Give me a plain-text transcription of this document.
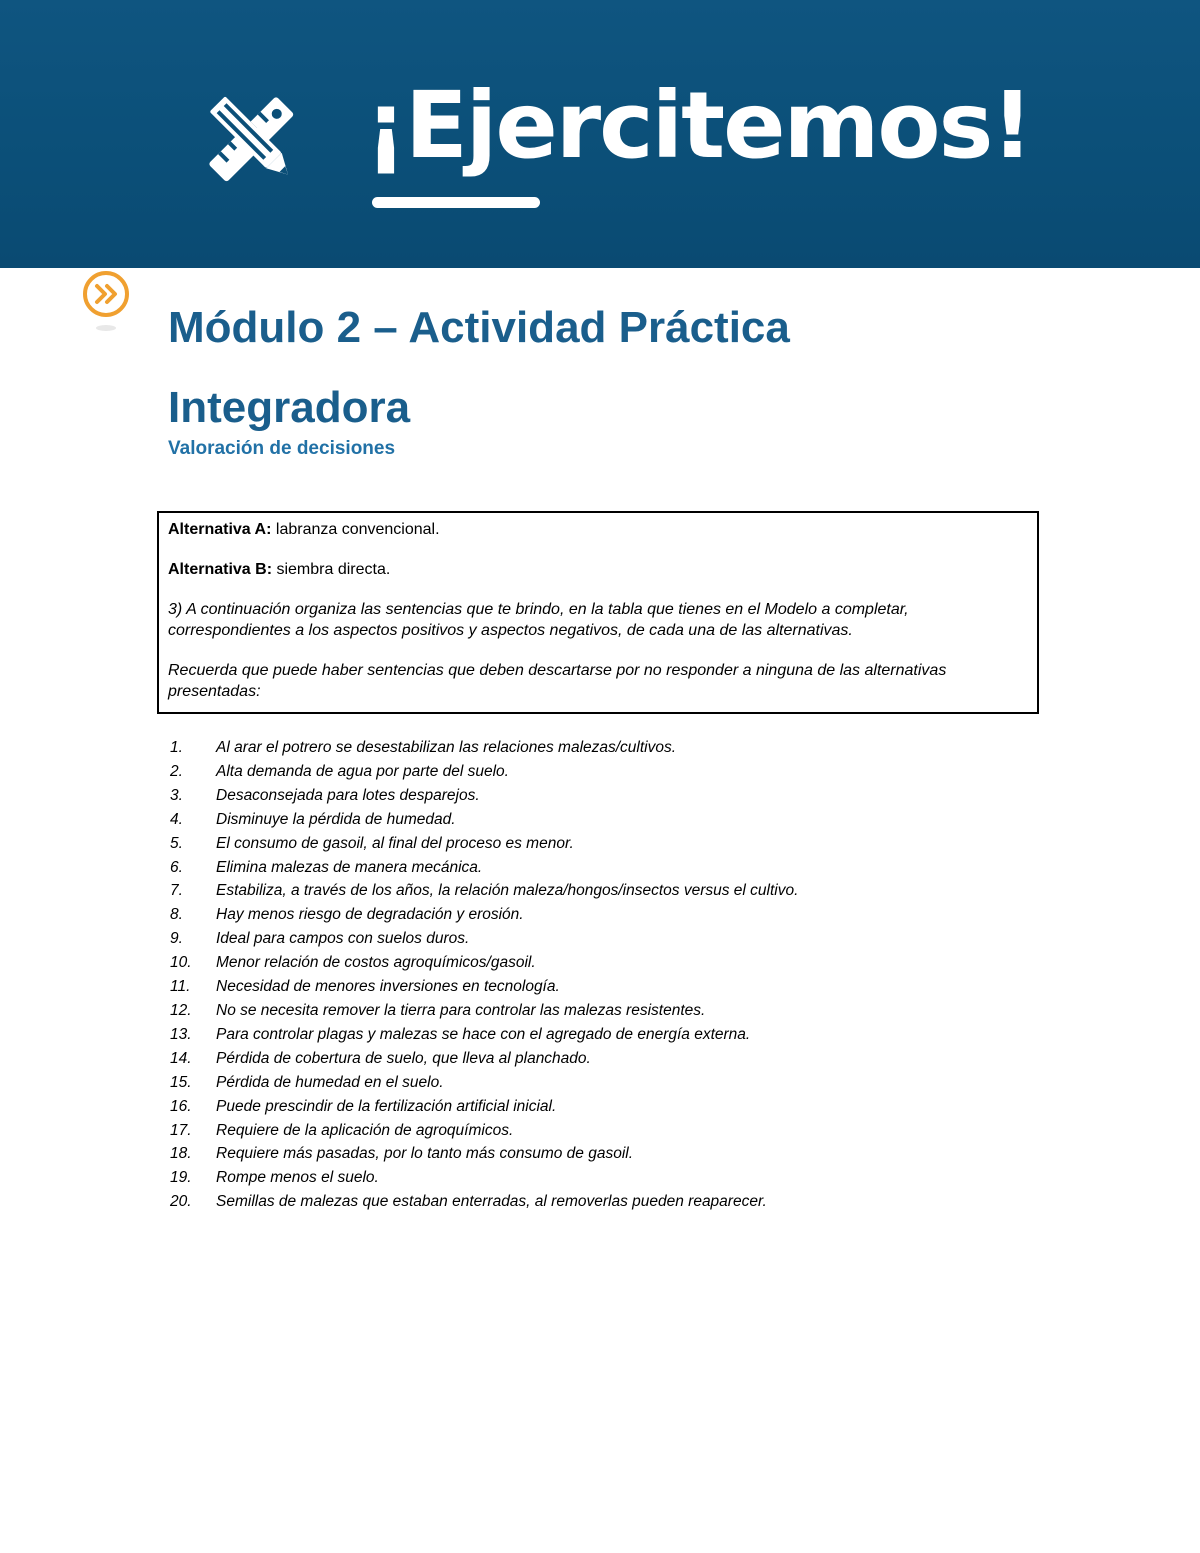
¡Ejercitemos!
Módulo 2 – Actividad Práctica
Integradora
Valoración de decisiones

Alternativa A: labranza convencional.

Alternativa B: siembra directa.

3) A continuación organiza las sentencias que te brindo, en la tabla que tienes en el Modelo a completar, correspondientes a los aspectos positivos y aspectos negativos, de cada una de las alternativas.

Recuerda que puede haber sentencias que deben descartarse por no responder a ninguna de las alternativas presentadas:

1.	Al arar el potrero se desestabilizan las relaciones malezas/cultivos.
2.	Alta demanda de agua por parte del suelo.
3.	Desaconsejada para lotes desparejos.
4.	Disminuye la pérdida de humedad.
5.	El consumo de gasoil, al final del proceso es menor.
6.	Elimina malezas de manera mecánica.
7.	Estabiliza, a través de los años, la relación maleza/hongos/insectos versus el cultivo.
8.	Hay menos riesgo de degradación y erosión.
9.	Ideal para campos con suelos duros.
10.	Menor relación de costos agroquímicos/gasoil.
11.	Necesidad de menores inversiones en tecnología.
12.	No se necesita remover la tierra para controlar las malezas resistentes.
13.	Para controlar plagas y malezas se hace con el agregado de energía externa.
14.	Pérdida de cobertura de suelo, que lleva al planchado.
15.	Pérdida de humedad en el suelo.
16.	Puede prescindir de la fertilización artificial inicial.
17.	Requiere de la aplicación de agroquímicos.
18.	Requiere más pasadas, por lo tanto más consumo de gasoil.
19.	Rompe menos el suelo.
20.	Semillas de malezas que estaban enterradas, al removerlas pueden reaparecer.
